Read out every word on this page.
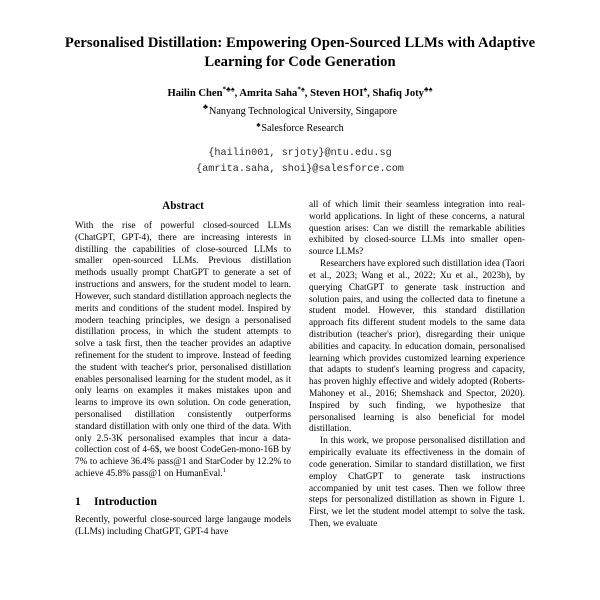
Personalised Distillation: Empowering Open-Sourced LLMs with Adaptive Learning for Code Generation
Hailin Chen*♣♠, Amrita Saha*♠, Steven HOI♠, Shafiq Joty♣♠
♣Nanyang Technological University, Singapore
♠Salesforce Research
{hailin001, srjoty}@ntu.edu.sg
{amrita.saha, shoi}@salesforce.com
Abstract

With the rise of powerful closed-sourced LLMs (ChatGPT, GPT-4), there are increasing interests in distilling the capabilities of close-sourced LLMs to smaller open-sourced LLMs. Previous distillation methods usually prompt ChatGPT to generate a set of instructions and answers, for the student model to learn. However, such standard distillation approach neglects the merits and conditions of the student model. Inspired by modern teaching principles, we design a personalised distillation process, in which the student attempts to solve a task first, then the teacher provides an adaptive refinement for the student to improve. Instead of feeding the student with teacher's prior, personalised distillation enables personalised learning for the student model, as it only learns on examples it makes mistakes upon and learns to improve its own solution. On code generation, personalised distillation consistently outperforms standard distillation with only one third of the data. With only 2.5-3K personalised examples that incur a data-collection cost of 4-6$, we boost CodeGen-mono-16B by 7% to achieve 36.4% pass@1 and StarCoder by 12.2% to achieve 45.8% pass@1 on HumanEval.$^1$

1	Introduction

Recently, powerful close-sourced large langauge models (LLMs) including ChatGPT, GPT-4 have

all of which limit their seamless integration into real-world applications. In light of these concerns, a natural question arises: Can we distill the remarkable abilities exhibited by closed-source LLMs into smaller open-source LLMs?

Researchers have explored such distillation idea (Taori et al., 2023; Wang et al., 2022; Xu et al., 2023b), by querying ChatGPT to generate task instruction and solution pairs, and using the collected data to finetune a student model. However, this standard distillation approach fits different student models to the same data distribution (teacher's prior), disregarding their unique abilities and capacity. In education domain, personalised learning which provides customized learning experience that adapts to student's learning progress and capacity, has proven highly effective and widely adopted (Roberts-Mahoney et al., 2016; Shemshack and Spector, 2020). Inspired by such finding, we hypothesize that personalised learning is also beneficial for model distillation.

In this work, we propose personalised distillation and empirically evaluate its effectiveness in the domain of code generation. Similar to standard distillation, we first employ ChatGPT to generate task instructions accompanied by unit test cases. Then we follow three steps for personalized distillation as shown in Figure 1. First, we let the student model attempt to solve the task. Then, we evaluate
